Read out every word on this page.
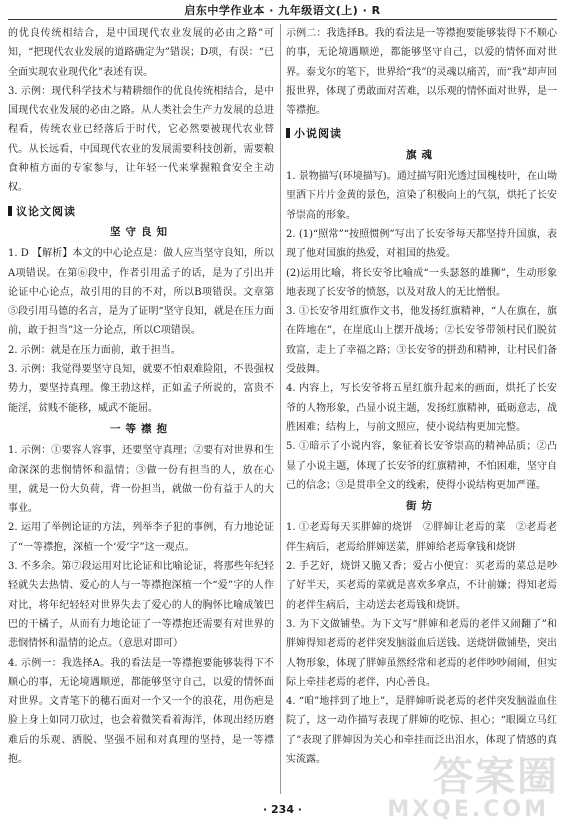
启东中学作业本 · 九年级语文(上) · R
的优良传统相结合，是中国现代农业发展的必由之路”可知，“把现代农业发展的道路确定为”错误；D项，有误：“已全面实现农业现代化”表述有误。
3. 示例：现代科学技术与精耕细作的优良传统相结合，是中国现代农业发展的必由之路。从人类社会生产力发展的总进程看，传统农业已经落后于时代，它必然要被现代农业替代。从长远看，中国现代农业的发展需要科技创新，需要粮食种植方面的专家参与，让年轻一代来掌握粮食安全主动权。
议论文阅读
坚守良知
1. D 【解析】本文的中心论点是：做人应当坚守良知，所以A项错误。在第⑥段中，作者引用孟子的话，是为了引出并论证中心论点，故引用的目的不对，所以B项错误。文章第⑤段引用马德的名言，是为了证明“坚守良知，就是在压力面前，敢于担当”这一分论点，所以C项错误。
2. 示例：就是在压力面前，敢于担当。
3. 示例：我觉得要坚守良知，就要不怕艰难险阻，不畏强权势力，要坚持真理。像王勃这样，正如孟子所说的，富贵不能淫，贫贱不能移，威武不能屈。
一等襟抱
1. 示例：①要容人容事，还要坚守真理；②要有对世界和生命深深的悲悯情怀和温情；③做一份有担当的人，放在心里，就是一份大负荷，背一份担当，就做一份有益于人的大事业。
2. 运用了举例论证的方法，列举李子犯的事例，有力地论证了“一等襟抱，深植一个‘爱’字”这一观点。
3. 不多余。第⑦段运用对比论证和比喻论证，将那些年纪轻轻就失去热情、爱心的人与一等襟抱深植一个“爱”字的人作对比，将年纪轻轻对世界失去了爱心的人的胸怀比喻成皱巴巴的干橘子，从而有力地论证了一等襟抱还需要有对世界的悲悯情怀和温情的论点。（意思对即可）
4. 示例一：我选择A。我的看法是一等襟抱要能够装得下不顺心的事，无论境遇顺逆，都能够坚守自己，以爱的情怀面对世界。文青笔下的穗石面对一个又一个的浪花，用伤疤是脸上身上如同刀砍过，也会着微笑看着海洋，体现出经历磨难后的乐观、洒脱、坚强不屈和对真理的坚持，是一等襟抱。
示例二：我选择B。我的看法是一等襟抱要能够装得下不顺心的事，无论境遇顺逆，都能够坚守自己，以爱的情怀面对世界。泰戈尔的笔下，世界给“我”的灵魂以痛苦，而“我”却声回报世界，体现了勇敢面对苦难，以乐观的情怀面对世界，是一等襟抱。
小说阅读
旗魂
1. 景物描写(环境描写)。通过描写阳光透过国槐枝叶，在山坳里洒下片片金黄的景色，渲染了积极向上的气氛，烘托了长安爷崇高的形象。
2. (1)“照常”“按照惯例”写出了长安爷每天都坚持升国旗，表现了他对国旗的热爱，对祖国的热爱。
(2)运用比喻，将长安爷比喻成“一头瑟怒的雄狮”，生动形象地表现了长安爷的愤怒，以及对敌人的无比憎恨。
3. ①长安爷用红旗作文书，他发扬红旗精神，“人在旗在，旗在阵地在”，在崖底山上摆开战场；②长安爷带领村民们脱贫致富，走上了幸福之路；③长安爷的拼劲和精神，让村民们备受鼓舞。
4. 内容上，写长安爷将五星红旗升起来的画面，烘托了长安爷的人物形象，凸显小说主题，发扬红旗精神，砥砺意志，战胜困难；结构上，与前文照应，使小说结构更加完整。
5. ①暗示了小说内容，象征着长安爷崇高的精神品质；②凸显了小说主题，体现了长安爷的红旗精神，不怕困难，坚守自己的信念；③是贯串全文的线索，使得小说结构更加严谨。
街坊
1. ①老焉每天买胖婶的烧饼　②胖婶让老焉的菜　②老焉老伴生病后，老焉给胖婶送菜，胖婶给老焉拿钱和烧饼
2. 手艺好，烧饼又脆又香；爱占小便宜：买老焉的菜总是吵了好半天，买老焉的菜就是喜欢多拿点，不计前嫌；得知老焉的老伴生病后，主动送去老焉钱和烧饼。
3. 为下文做铺垫。为下文写“胖婶和老焉的老伴又闹翻了”和胖婶得知老焉的老伴突发脑溢血后送钱、送烧饼做铺垫，突出人物形象，体现了胖婶虽然经常和老焉的老伴吵吵闹闹，但实际上牵挂老焉的老伴，内心善良。
4. “咱”地拌到了地上”，是胖婶听说老焉的老伴突发脑溢血住院了，这一动作描写表现了胖婶的吃惊、担心；“眼圈立马红了”表现了胖婶因为关心和牵挂而泛出泪水，体现了情感的真实流露。
· 234 ·
答案圈
MXQE.COM
